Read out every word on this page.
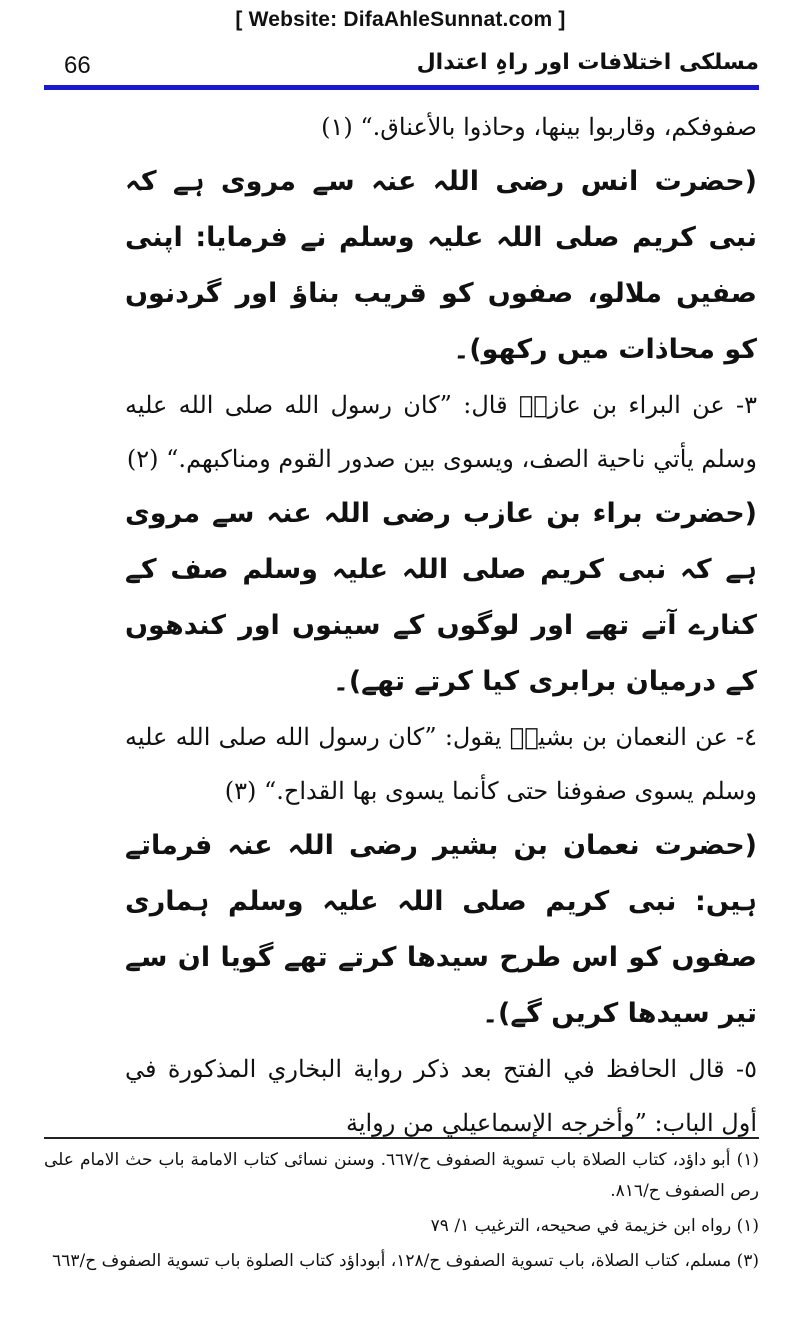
[ Website: DifaAhleSunnat.com ]
66	مسلکی اختلافات اور راہِ اعتدال

صفوفكم، وقاربوا بينها، وحاذوا بالأعناق.“ (١)

(حضرت انس رضی اللہ عنہ سے مروی ہے کہ نبی کریم صلی اللہ علیہ وسلم نے فرمایا: اپنی صفیں ملالو، صفوں کو قریب بناؤ اور گردنوں کو محاذات میں رکھو)۔

٣- عن البراء بن عازبؓ قال: ”كان رسول الله صلى الله عليه وسلم يأتي ناحية الصف، ويسوى بين صدور القوم ومناكبهم.“ (٢)

(حضرت براء بن عازب رضی اللہ عنہ سے مروی ہے کہ نبی کریم صلی اللہ علیہ وسلم صف کے کنارے آتے تھے اور لوگوں کے سینوں اور کندھوں کے درمیان برابری کیا کرتے تھے)۔

٤- عن النعمان بن بشيرؓ يقول: ”كان رسول الله صلى الله عليه وسلم يسوى صفوفنا حتى كأنما يسوى بها القداح.“ (٣)

(حضرت نعمان بن بشیر رضی اللہ عنہ فرماتے ہیں: نبی کریم صلی اللہ علیہ وسلم ہماری صفوں کو اس طرح سیدھا کرتے تھے گویا ان سے تیر سیدھا کریں گے)۔

٥- قال الحافظ في الفتح بعد ذكر رواية البخاري المذكورة في أول الباب: ”وأخرجه الإسماعيلي من رواية

(١) أبو داؤد، كتاب الصلاة باب تسوية الصفوف ح/٦٦٧. وسنن نسائی كتاب الامامة باب حث الامام على رص الصفوف ح/٨١٦.

(١) رواه ابن خزيمة في صحيحه، الترغيب ١/ ٧٩

(٣) مسلم، كتاب الصلاة، باب تسوية الصفوف ح/١٢٨، أبوداؤد كتاب الصلوة باب تسوية الصفوف ح/٦٦٣
